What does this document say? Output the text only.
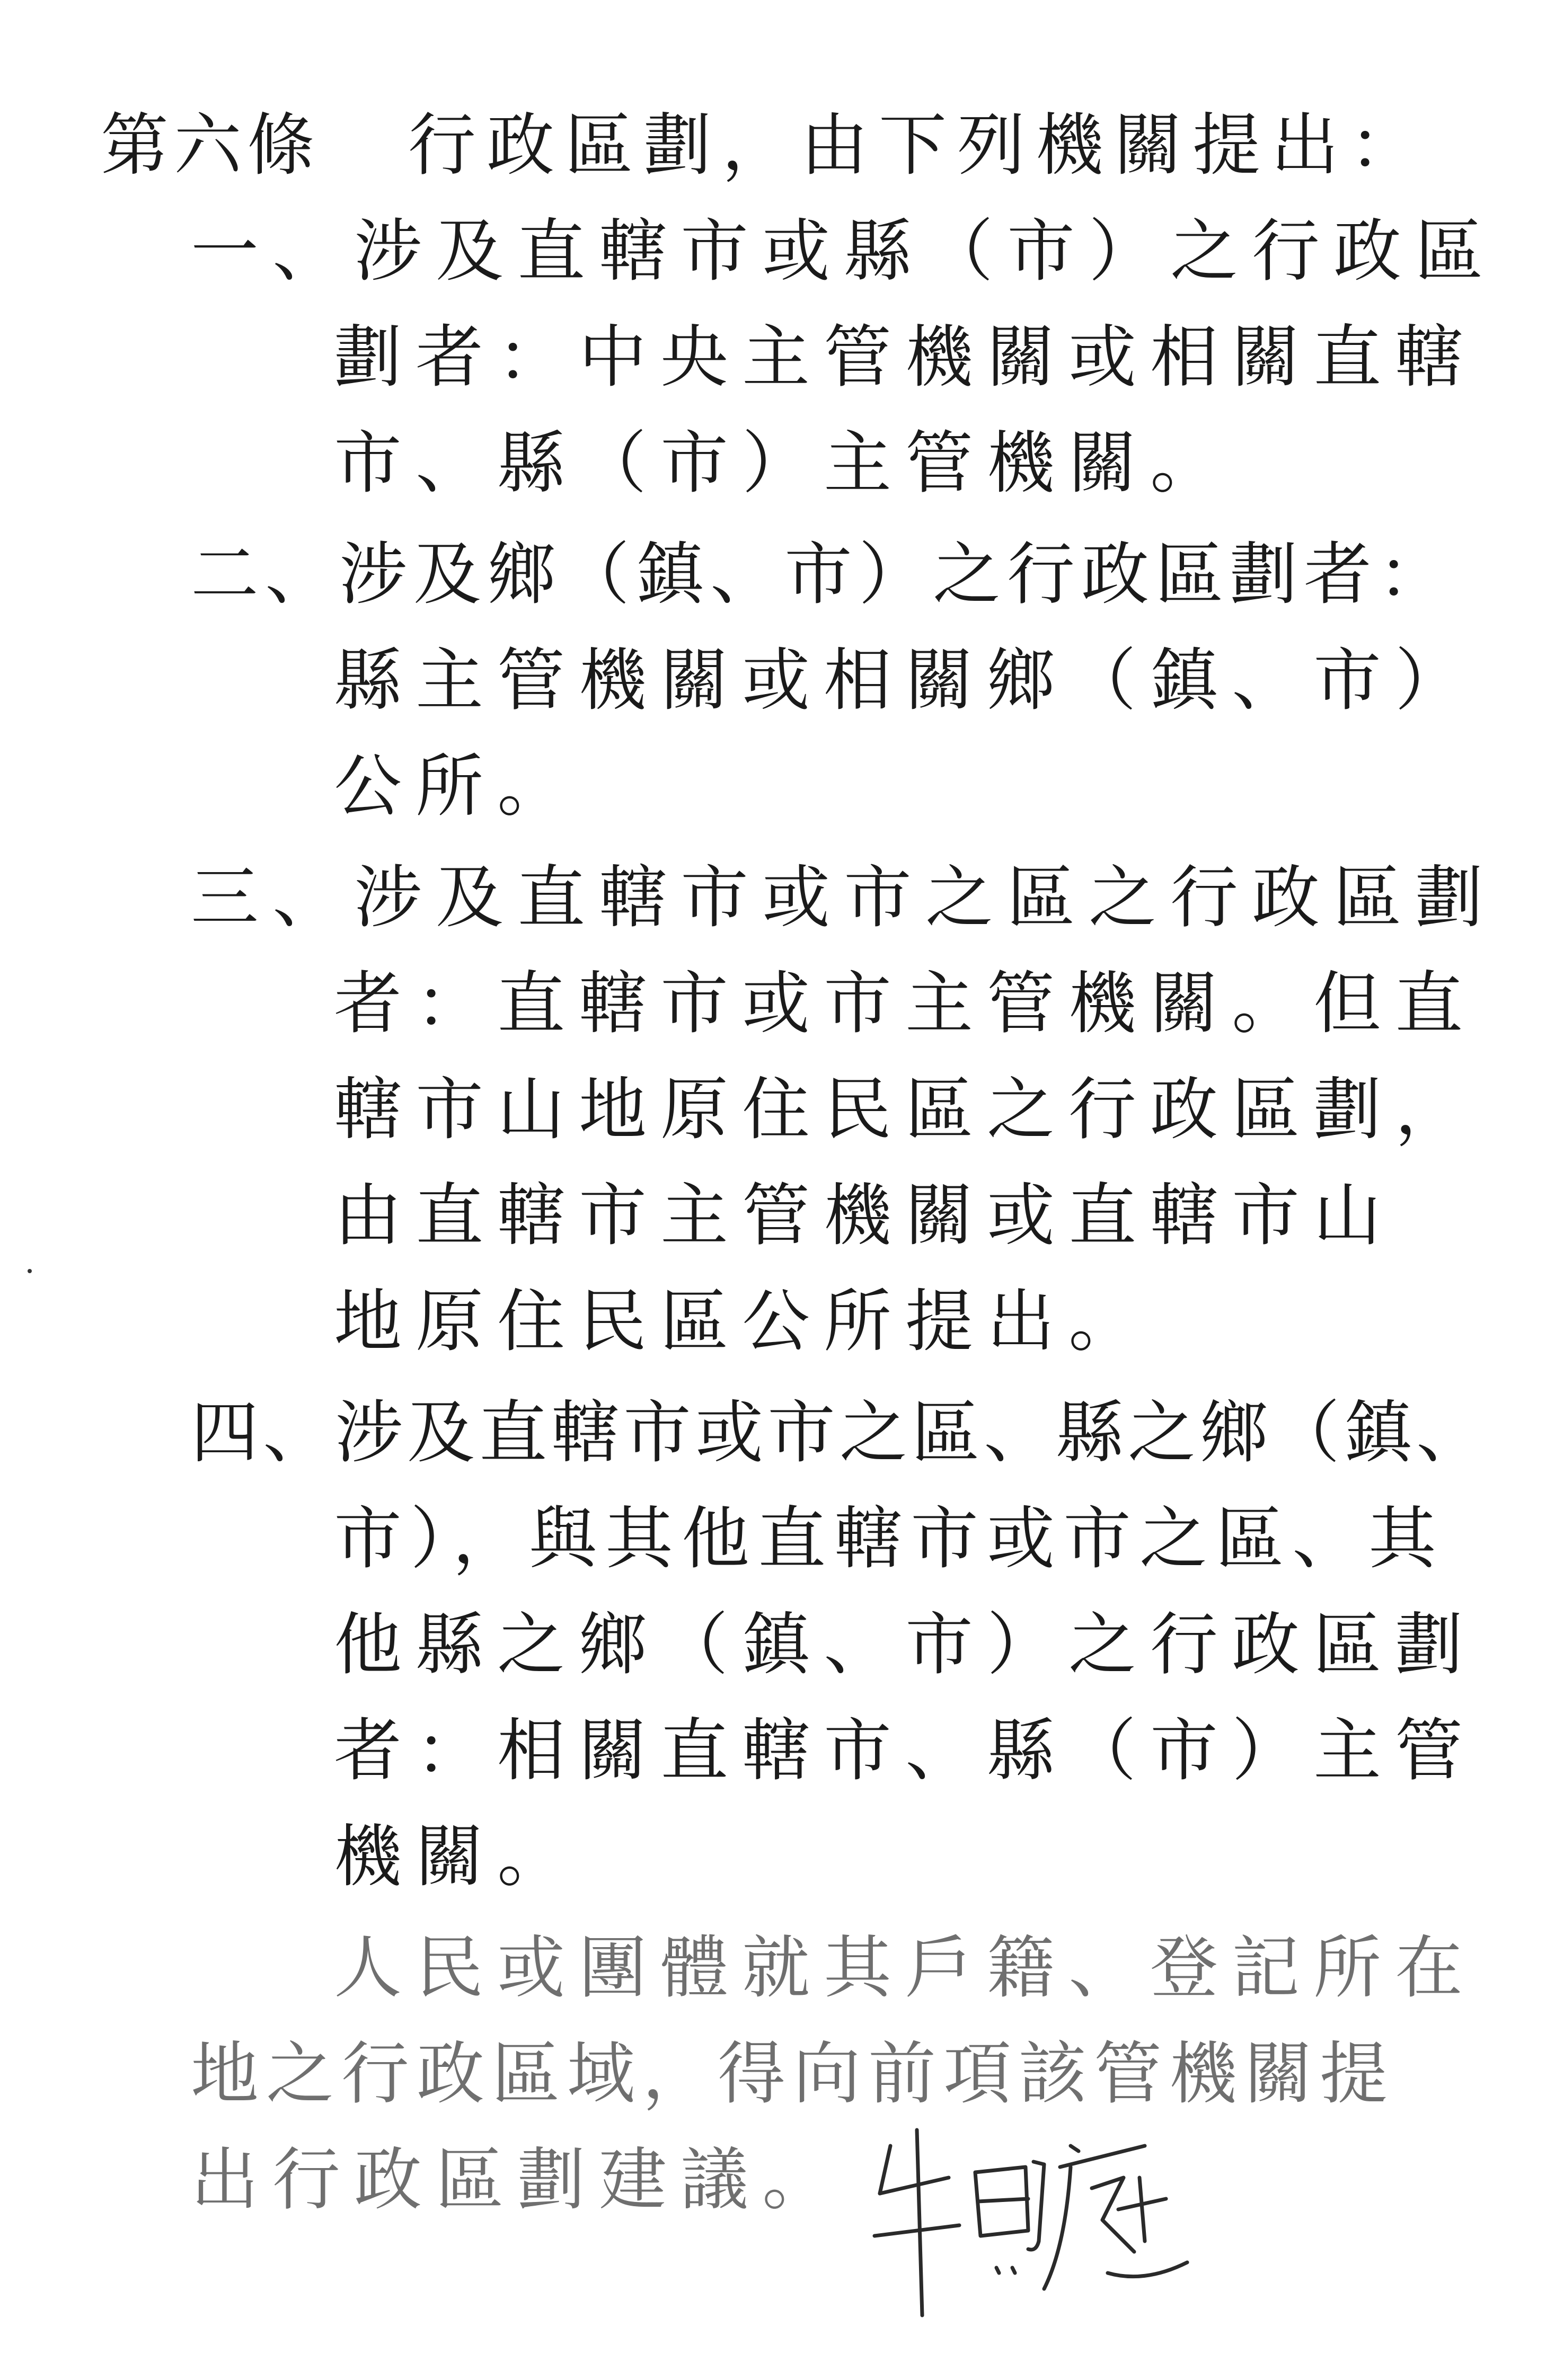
第六條 行政區劃，由下列機關提出：
一、涉及直轄市或縣（市）之行政區
劃者：中央主管機關或相關直轄
市、縣（市）主管機關。
二、涉及鄉（鎮、市）之行政區劃者：
縣主管機關或相關鄉（鎮、市）
公所。
三、涉及直轄市或市之區之行政區劃
者：直轄市或市主管機關。但直
轄市山地原住民區之行政區劃，
由直轄市主管機關或直轄市山
地原住民區公所提出。
四、涉及直轄市或市之區、縣之鄉（鎮、
市），與其他直轄市或市之區、其
他縣之鄉（鎮、市）之行政區劃
者：相關直轄市、縣（市）主管
機關。
人民或團體就其戶籍、登記所在
地之行政區域，得向前項該管機關提
出行政區劃建議。
